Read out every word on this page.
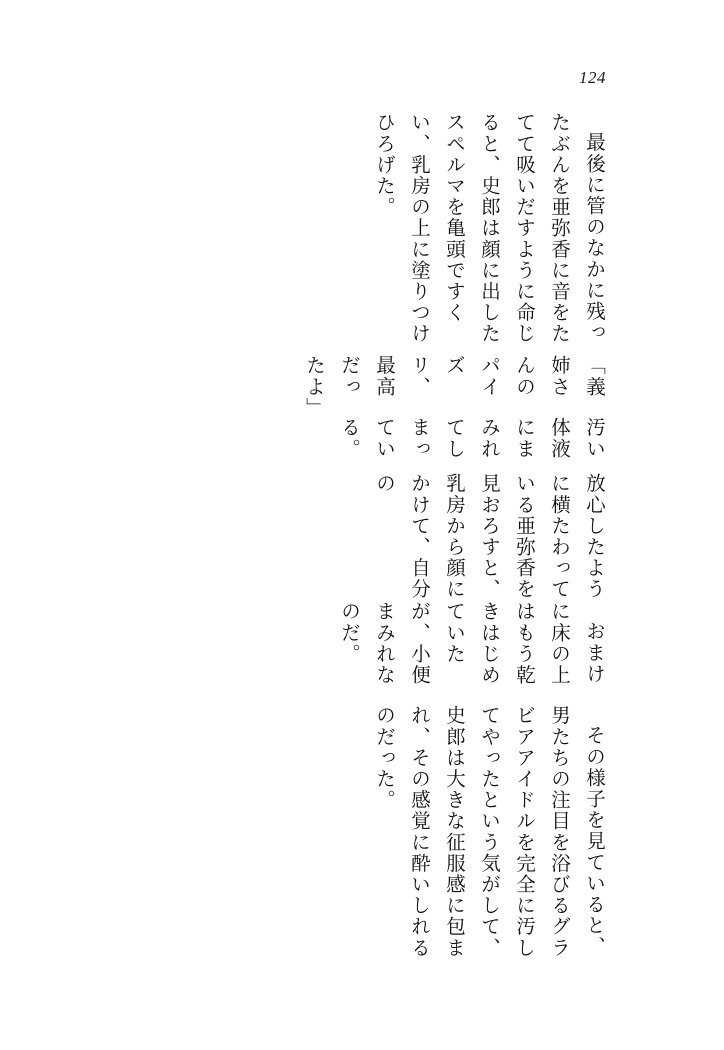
124

最後に管のなかに残ったぶんを亜弥香に音をたてて吸いだすように命じると、史郎は顔に出したスペルマを亀頭ですくい、乳房の上に塗りつけひろげた。

「義姉さんのパイズリ、最高だったよ」

汚い体液にまみれてしまっている。

放心したように横たわっている亜弥香を見おろすと、乳房から顔にかけて、自分の

おまけに床の上はもう乾きはじめていたが、小便まみれなのだ。

その様子を見ていると、男たちの注目を浴びるグラビアアイドルを完全に汚してやったという気がして、史郎は大きな征服感に包まれ、その感覚に酔いしれるのだった。
